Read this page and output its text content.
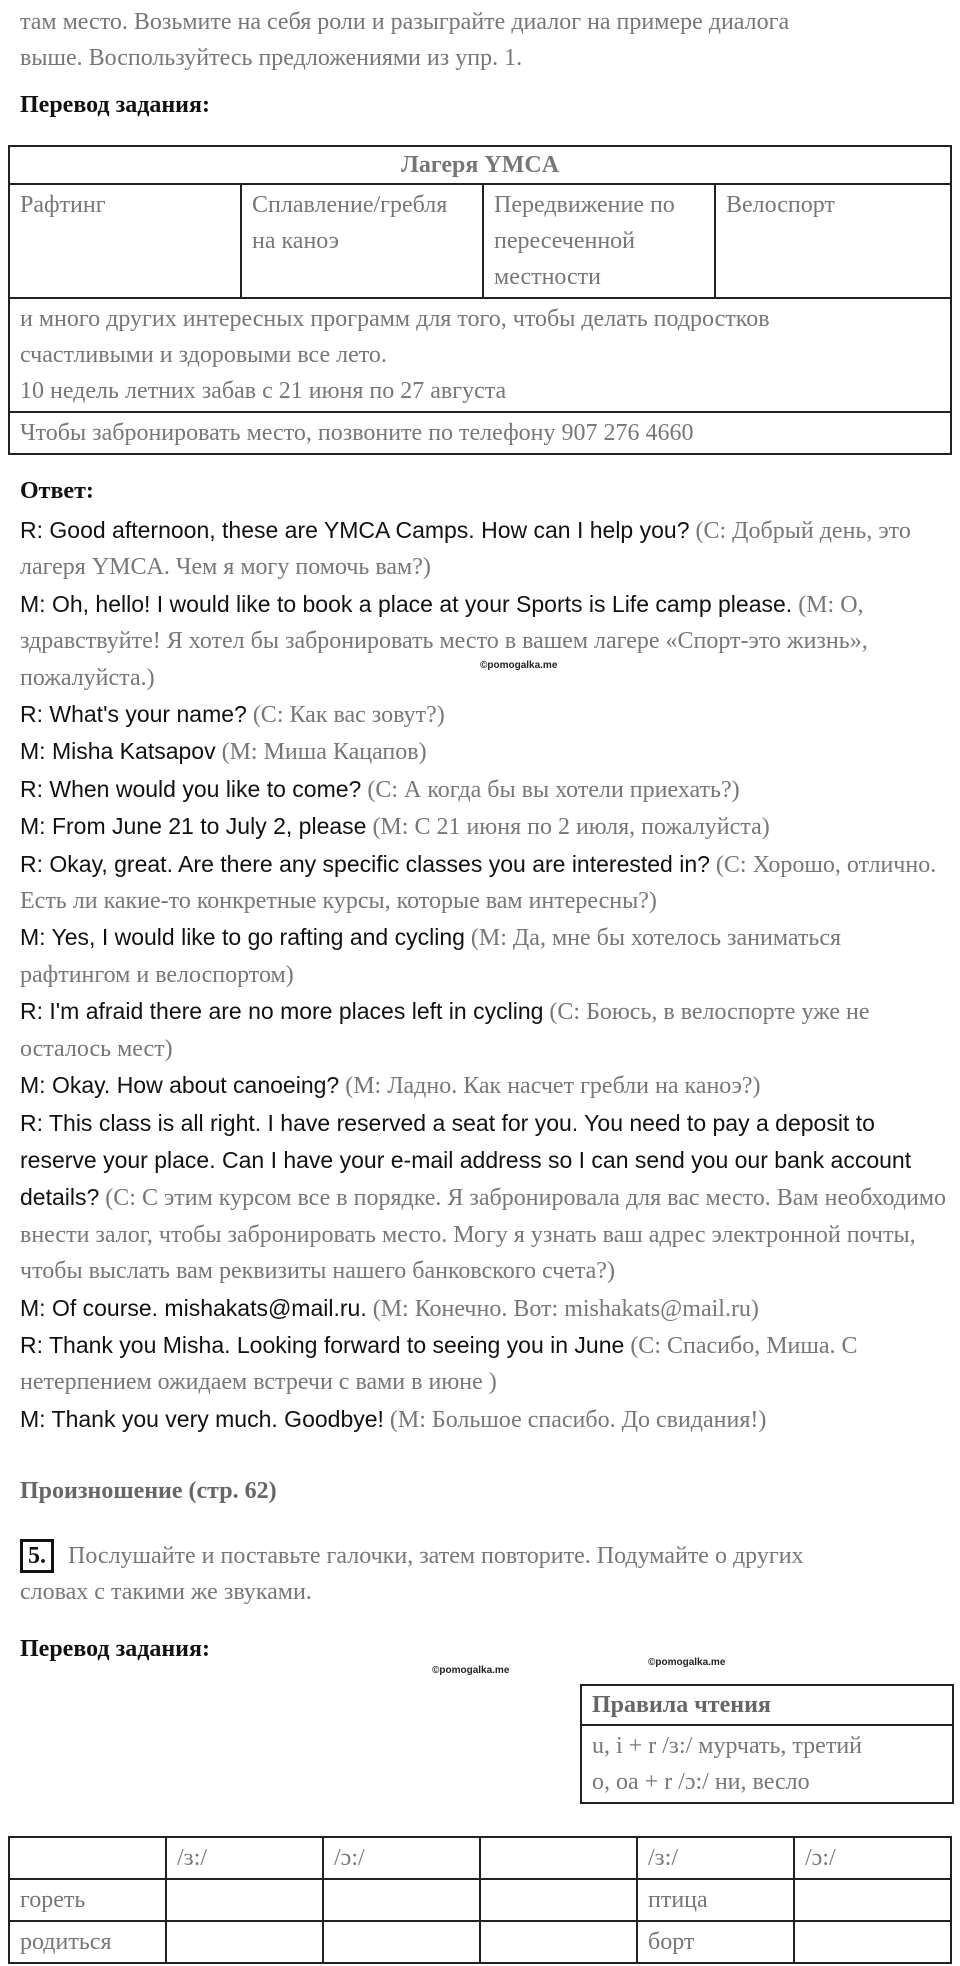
там место. Возьмите на себя роли и разыграйте диалог на примере диалога

выше. Воспользуйтесь предложениями из упр. 1.

Перевод задания:

Лагеря YMCA
Рафтинг	Сплавление/гребля на каноэ	Передвижение по пересеченной местности	Велоспорт

и много других интересных программ для того, чтобы делать подростков
счастливыми и здоровыми все лето.
10 недель летних забав с 21 июня по 27 августа

Чтобы забронировать место, позвоните по телефону 907 276 4660

Ответ:

R: Good afternoon, these are YMCA Camps. How can I help you? (С: Добрый день, это лагеря YMCA. Чем я могу помочь вам?)
M: Oh, hello! I would like to book a place at your Sports is Life camp please. (М: О, здравствуйте! Я хотел бы забронировать место в вашем лагере «Спорт-это жизнь», пожалуйста.)
R: What's your name? (С: Как вас зовут?)
M: Misha Katsapov (М: Миша Кацапов)
R: When would you like to come? (С: А когда бы вы хотели приехать?)
M: From June 21 to July 2, please (М: С 21 июня по 2 июля, пожалуйста)
R: Okay, great. Are there any specific classes you are interested in? (С: Хорошо, отлично. Есть ли какие-то конкретные курсы, которые вам интересны?)
M: Yes, I would like to go rafting and cycling (М: Да, мне бы хотелось заниматься рафтингом и велоспортом)
R: I'm afraid there are no more places left in cycling (С: Боюсь, в велоспорте уже не осталось мест)
M: Okay. How about canoeing? (М: Ладно. Как насчет гребли на каноэ?)
R: This class is all right. I have reserved a seat for you. You need to pay a deposit to reserve your place. Can I have your e-mail address so I can send you our bank account details? (С: С этим курсом все в порядке. Я забронировала для вас место. Вам необходимо внести залог, чтобы забронировать место. Могу я узнать ваш адрес электронной почты, чтобы выслать вам реквизиты нашего банковского счета?)
M: Of course. mishakats@mail.ru. (М: Конечно. Вот: mishakats@mail.ru)
R: Thank you Misha. Looking forward to seeing you in June (С: Спасибо, Миша. С нетерпением ожидаем встречи с вами в июне )
M: Thank you very much. Goodbye! (М: Большое спасибо. До свидания!)
©pomogalka.me

Произношение (стр. 62)

5. Послушайте и поставьте галочки, затем повторите. Подумайте о других
словах с такими же звуками.

Перевод задания:

©pomogalka.me
©pomogalka.me
Правила чтения

u, i + r /ɜ:/ мурчать, третий
o, oa + r /ɔ:/ ни, весло
	/ɜ:/	/ɔ:/		/ɜ:/	/ɔ:/
гореть				птица	
родиться				борт	
